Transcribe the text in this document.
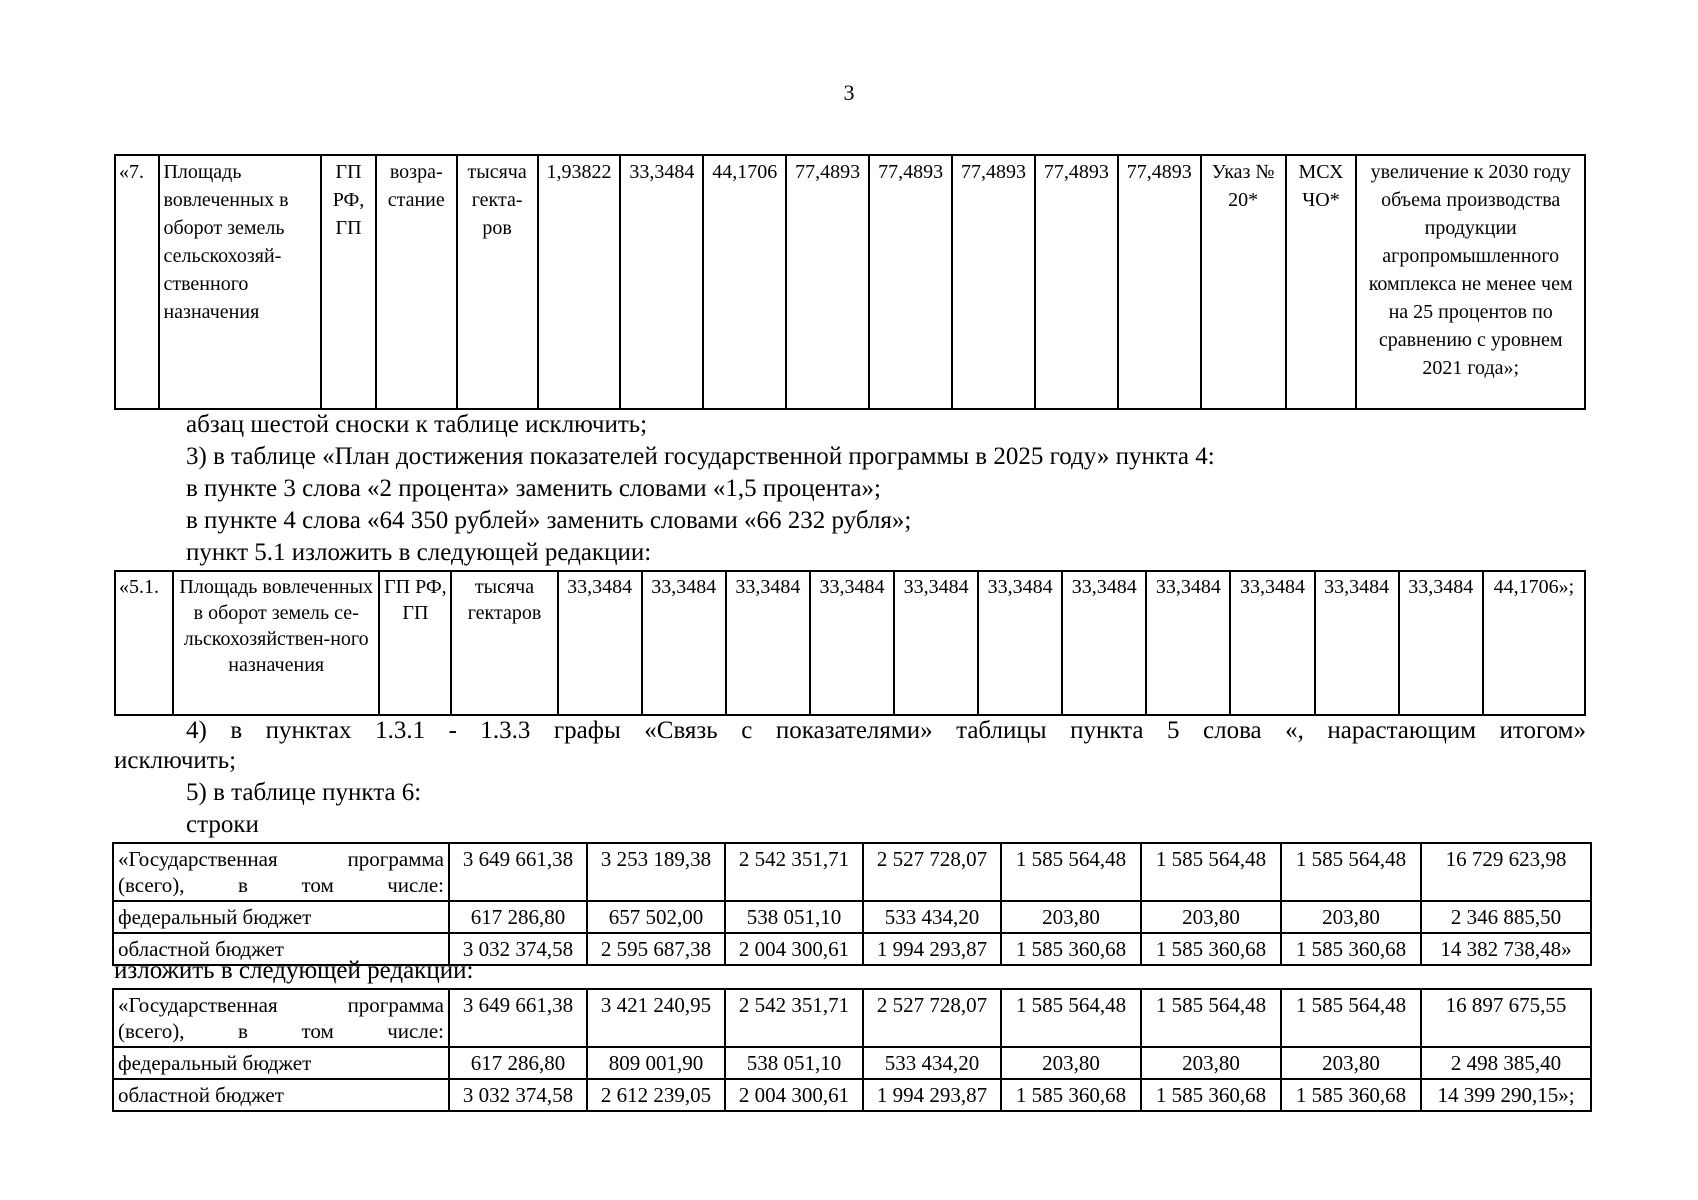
3
«7.	Площадь вовлеченных в оборот земель сельскохозяй-ственного назначения	ГП РФ, ГП	возра-стание	тысяча гекта-ров	1,93822	33,3484	44,1706	77,4893	77,4893	77,4893	77,4893	77,4893	Указ № 20*	МСХ ЧО*	увеличение к 2030 году объема производства продукции агропромышленного комплекса не менее чем на 25 процентов по сравнению с уровнем 2021 года»;
абзац шестой сноски к таблице исключить;
3) в таблице «План достижения показателей государственной программы в 2025 году» пункта 4:
в пункте 3 слова «2 процента» заменить словами «1,5 процента»;
в пункте 4 слова «64 350 рублей» заменить словами «66 232 рубля»;
пункт 5.1 изложить в следующей редакции:
«5.1.	Площадь вовлеченных в оборот земель се-льскохозяйствен-ного назначения	ГП РФ, ГП	тысяча гектаров	33,3484	33,3484	33,3484	33,3484	33,3484	33,3484	33,3484	33,3484	33,3484	33,3484	33,3484	44,1706»;
4) в пунктах 1.3.1 - 1.3.3 графы «Связь с показателями» таблицы пункта 5 слова «, нарастающим итогом»
исключить;
5) в таблице пункта 6:
строки
«Государственная программа (всего), в том числе:	3 649 661,38	3 253 189,38	2 542 351,71	2 527 728,07	1 585 564,48	1 585 564,48	1 585 564,48	16 729 623,98
федеральный бюджет	617 286,80	657 502,00	538 051,10	533 434,20	203,80	203,80	203,80	2 346 885,50
областной бюджет	3 032 374,58	2 595 687,38	2 004 300,61	1 994 293,87	1 585 360,68	1 585 360,68	1 585 360,68	14 382 738,48»
изложить в следующей редакции:
«Государственная программа (всего), в том числе:	3 649 661,38	3 421 240,95	2 542 351,71	2 527 728,07	1 585 564,48	1 585 564,48	1 585 564,48	16 897 675,55
федеральный бюджет	617 286,80	809 001,90	538 051,10	533 434,20	203,80	203,80	203,80	2 498 385,40
областной бюджет	3 032 374,58	2 612 239,05	2 004 300,61	1 994 293,87	1 585 360,68	1 585 360,68	1 585 360,68	14 399 290,15»;
